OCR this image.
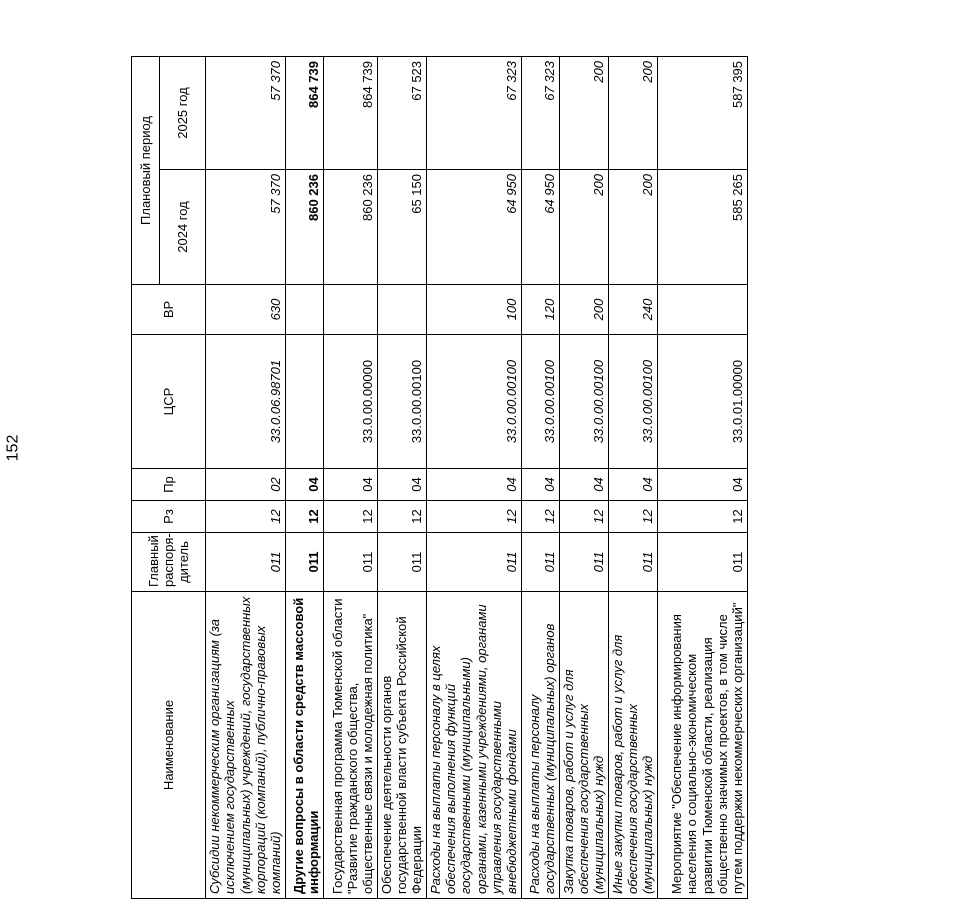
152
Наименование	Главный распоря-дитель	Рз	Пр	ЦСР	ВР	Плановый период	
						2024 год	2025 год
Субсидии некоммерческим организациям (за исключением государственных (муниципальных) учреждений, государственных корпораций (компаний), публично-правовых компаний)	011	12	02	33.0.06.98701	630	57 370	57 370
Другие вопросы в области средств массовой информации	011	12	04			860 236	864 739
Государственная программа Тюменской области "Развитие гражданского общества, общественные связи и молодежная политика"	011	12	04	33.0.00.00000		860 236	864 739
Обеспечение деятельности органов государственной власти субъекта Российской Федерации	011	12	04	33.0.00.00100		65 150	67 523
Расходы на выплаты персоналу в целях обеспечения выполнения функций государственными (муниципальными) органами, казенными учреждениями, органами управления государственными внебюджетными фондами	011	12	04	33.0.00.00100	100	64 950	67 323
Расходы на выплаты персоналу государственных (муниципальных) органов	011	12	04	33.0.00.00100	120	64 950	67 323
Закупка товаров, работ и услуг для обеспечения государственных (муниципальных) нужд	011	12	04	33.0.00.00100	200	200	200
Иные закупки товаров, работ и услуг для обеспечения государственных (муниципальных) нужд	011	12	04	33.0.00.00100	240	200	200
Мероприятие "Обеспечение информирования населения о социально-экономическом развитии Тюменской области, реализация общественно значимых проектов, в том числе путем поддержки некоммерческих организаций"	011	12	04	33.0.01.00000		585 265	587 395
